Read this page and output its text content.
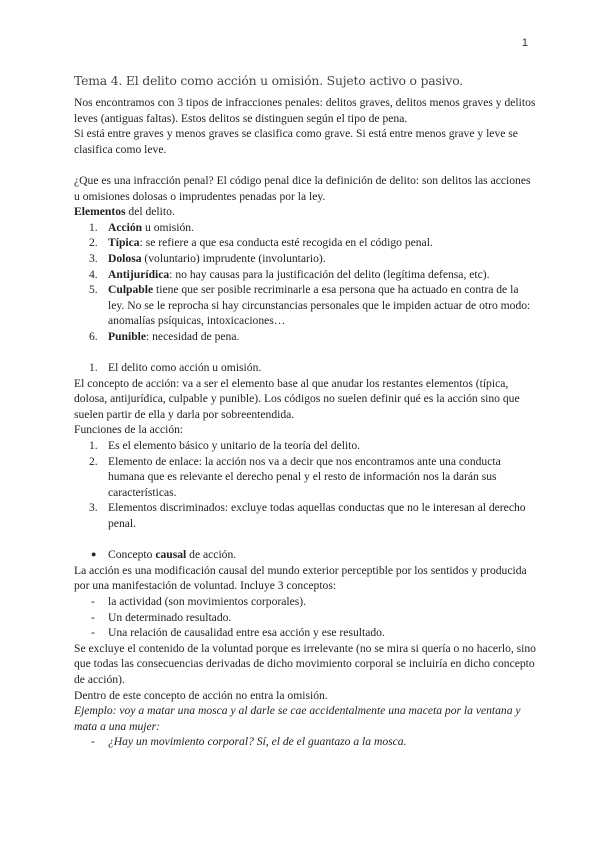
1
Tema 4. El delito como acción u omisión. Sujeto activo o pasivo.

Nos encontramos con 3 tipos de infracciones penales: delitos graves, delitos menos graves y delitos leves (antiguas faltas). Estos delitos se distinguen según el tipo de pena.

Si está entre graves y menos graves se clasifica como grave. Si está entre menos grave y leve se clasifica como leve.

¿Que es una infracción penal? El código penal dice la definición de delito: son delitos las acciones u omisiones dolosas o imprudentes penadas por la ley.

Elementos del delito.

1. Acción u omisión.
2. Típica: se refiere a que esa conducta esté recogida en el código penal.
3. Dolosa (voluntario) imprudente (involuntario).
4. Antijurídica: no hay causas para la justificación del delito (legítima defensa, etc).
5. Culpable tiene que ser posible recriminarle a esa persona que ha actuado en contra de la ley. No se le reprocha si hay circunstancias personales que le impiden actuar de otro modo: anomalías psíquicas, intoxicaciones…
6. Punible: necesidad de pena.
1. El delito como acción u omisión.

El concepto de acción: va a ser el elemento base al que anudar los restantes elementos (típica, dolosa, antijurídica, culpable y punible). Los códigos no suelen definir qué es la acción sino que suelen partir de ella y darla por sobreentendida.

Funciones de la acción:

1. Es el elemento básico y unitario de la teoría del delito.
2. Elemento de enlace: la acción nos va a decir que nos encontramos ante una conducta humana que es relevante el derecho penal y el resto de información nos la darán sus características.
3. Elementos discriminados: excluye todas aquellas conductas que no le interesan al derecho penal.
● Concepto causal de acción.

La acción es una modificación causal del mundo exterior perceptible por los sentidos y producida por una manifestación de voluntad. Incluye 3 conceptos:

- la actividad (son movimientos corporales).
- Un determinado resultado.
- Una relación de causalidad entre esa acción y ese resultado.

Se excluye el contenido de la voluntad porque es irrelevante (no se mira si quería o no hacerlo, sino que todas las consecuencias derivadas de dicho movimiento corporal se incluiría en dicho concepto de acción).

Dentro de este concepto de acción no entra la omisión.

Ejemplo: voy a matar una mosca y al darle se cae accidentalmente una maceta por la ventana y mata a una mujer:

- ¿Hay un movimiento corporal? Sí, el de el guantazo a la mosca.
